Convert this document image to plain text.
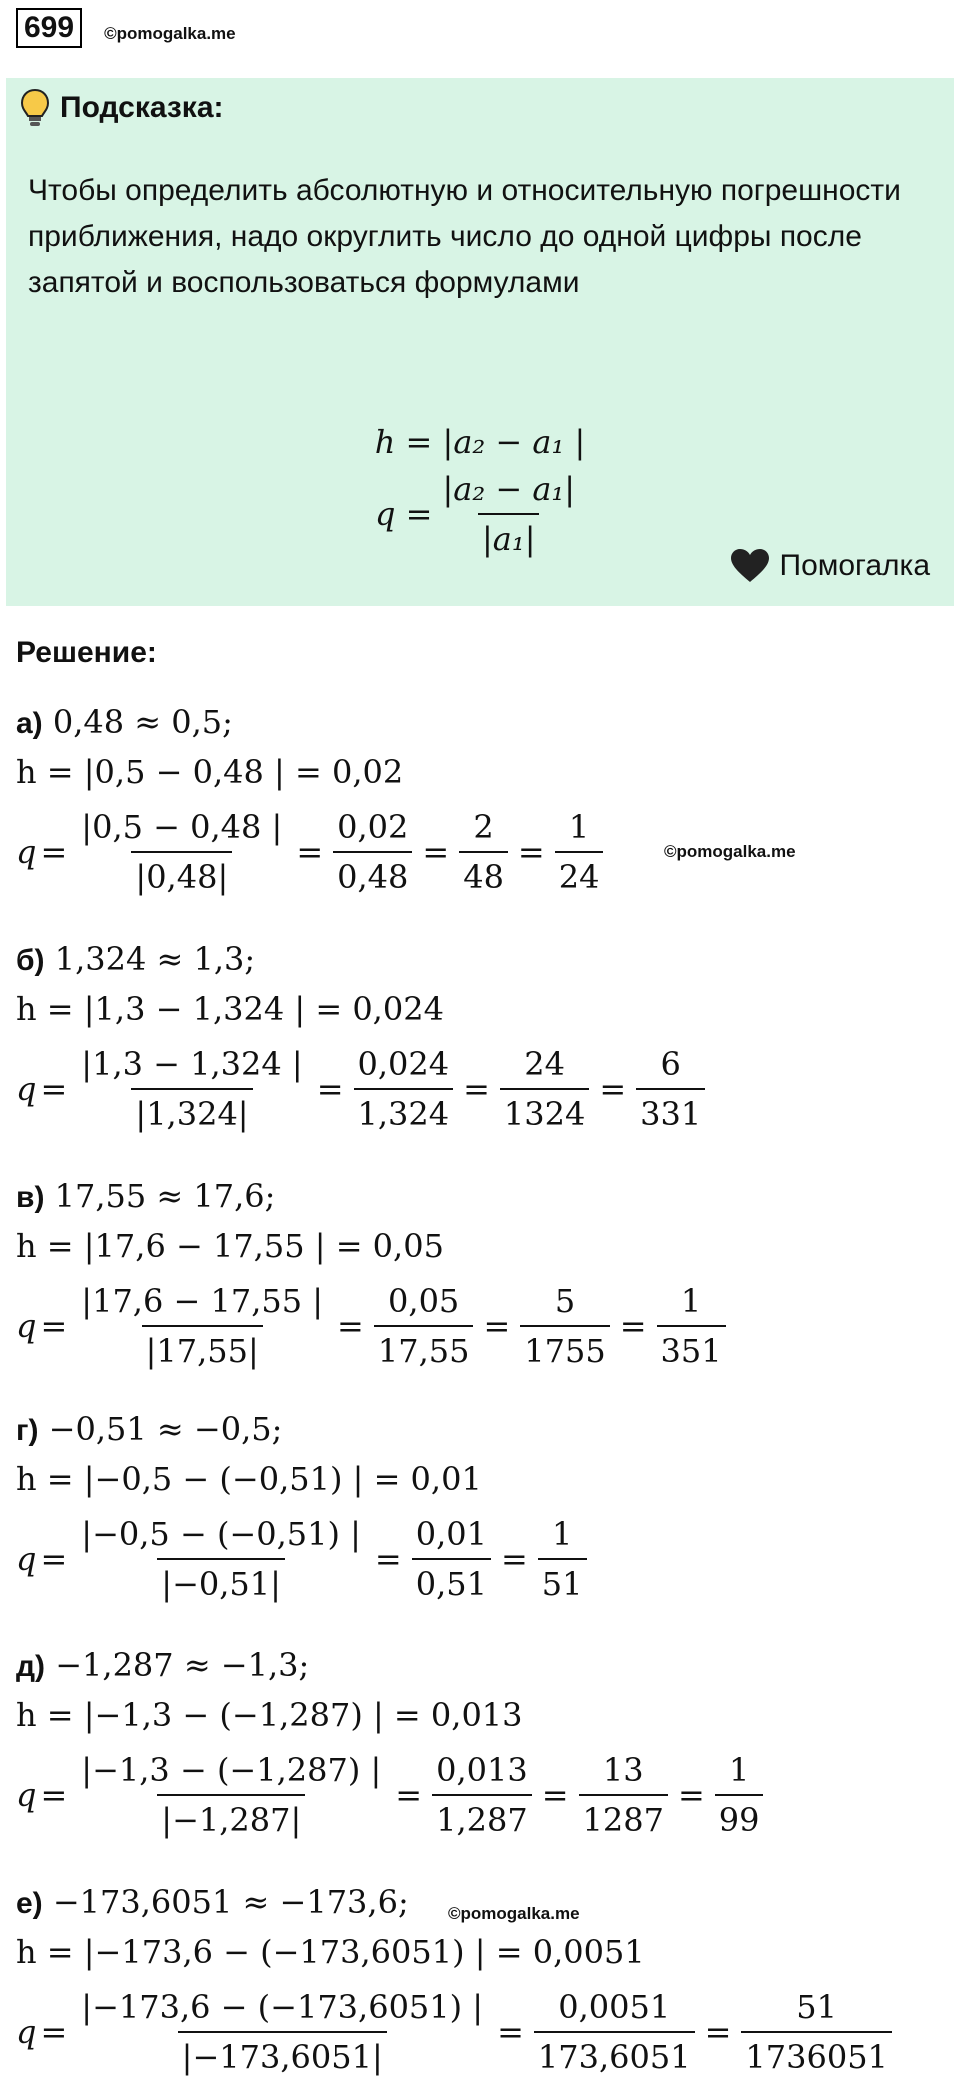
699	©pomogalka.me
Подсказка:
Чтобы определить абсолютную и относительную погрешности приближения, надо округлить число до одной цифры после запятой и воспользоваться формулами
h = |a₂ − a₁ |
$q = \frac{\text{|a₂ − a₁|}}{\text{|a₁|}}$
Помогалка
Решение:
а) 0,48 ≈ 0,5;
h = |0,5 − 0,48 | = 0,02
$q = \frac{|0,5 - 0,48 |}{|0,48|} = \frac{0,02}{0,48} = \frac{2}{48} = \frac{1}{24}$
б) 1,324 ≈ 1,3;
h = |1,3 − 1,324 | = 0,024
$q = \frac{|1,3 - 1,324 |}{|1,324|} = \frac{0,024}{1,324} = \frac{24}{1324} = \frac{6}{331}$
в) 17,55 ≈ 17,6;
h = |17,6 − 17,55 | = 0,05
$q = \frac{|17,6 - 17,55 |}{|17,55|} = \frac{0,05}{17,55} = \frac{5}{1755} = \frac{1}{351}$
г) −0,51 ≈ −0,5;
h = |−0,5 − (−0,51) | = 0,01
$q = \frac{|-0,5 - (-0,51) |}{|-0,51|} = \frac{0,01}{0,51} = \frac{1}{51}$
д) −1,287 ≈ −1,3;
h = |−1,3 − (−1,287) | = 0,013
$q = \frac{|-1,3 - (-1,287) |}{|-1,287|} = \frac{0,013}{1,287} = \frac{13}{1287} = \frac{1}{99}$
е) −173,6051 ≈ −173,6;
h = |−173,6 − (−173,6051) | = 0,0051
$q = \frac{|-173,6 - (-173,6051) |}{|-173,6051|} = \frac{0,0051}{173,6051} = \frac{51}{1736051}$
©pomogalka.me
©pomogalka.me
